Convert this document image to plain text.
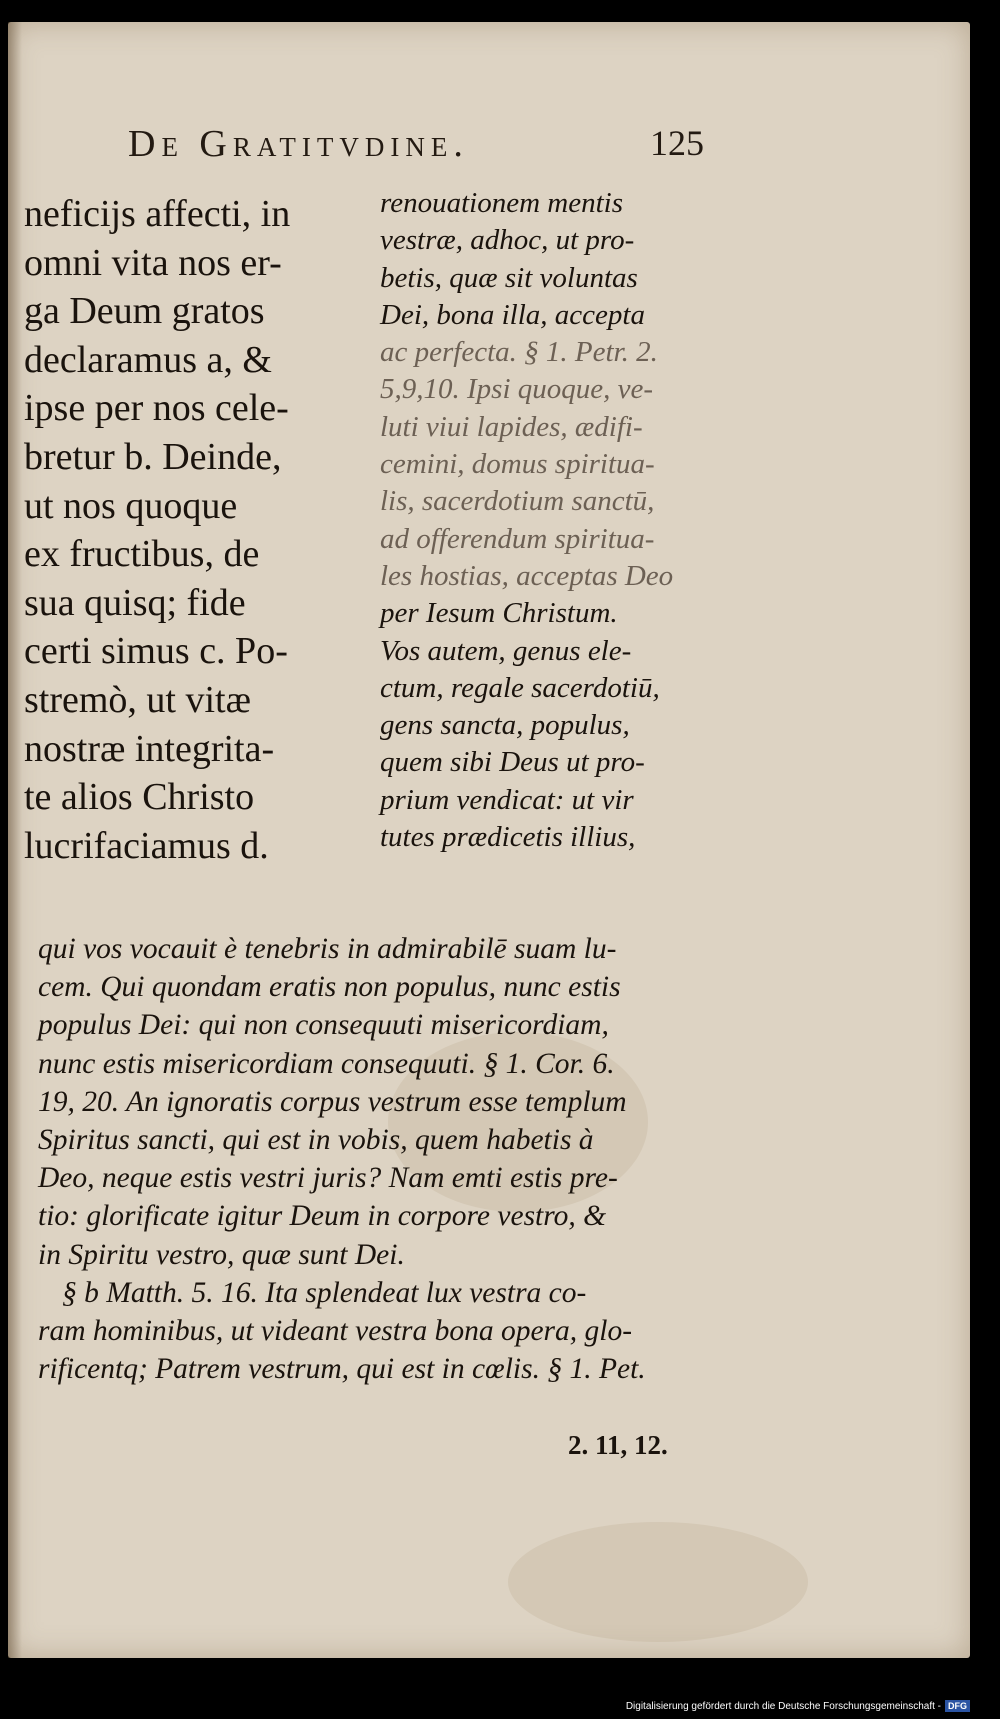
De Gratitvdine.	125
neficijs affecti, in
omni vita nos er-
ga Deum gratos
declaramus a, &
ipse per nos cele-
bretur b. Deinde,
ut nos quoque
ex fructibus, de
sua quisq; fide
certi simus c. Po-
stremò, ut vitæ
nostræ integrita-
te alios Christo
lucrifaciamus d.
renouationem mentis
vestræ, adhoc, ut pro-
betis, quæ sit voluntas
Dei, bona illa, accepta
ac perfecta. § 1. Petr. 2.
5,9,10. Ipsi quoque, ve-
luti viui lapides, ædifi-
cemini, domus spiritua-
lis, sacerdotium sanctū,
ad offerendum spiritua-
les hostias, acceptas Deo
per Iesum Christum.
Vos autem, genus ele-
ctum, regale sacerdotiū,
gens sancta, populus,
quem sibi Deus ut pro-
prium vendicat: ut vir
tutes prædicetis illius,
qui vos vocauit è tenebris in admirabilē suam lu-
cem. Qui quondam eratis non populus, nunc estis
populus Dei: qui non consequuti misericordiam,
nunc estis misericordiam consequuti. § 1. Cor. 6.
19, 20. An ignoratis corpus vestrum esse templum
Spiritus sancti, qui est in vobis, quem habetis à
Deo, neque estis vestri juris? Nam emti estis pre-
tio: glorificate igitur Deum in corpore vestro, &
in Spiritu vestro, quæ sunt Dei.
§ b Matth. 5. 16. Ita splendeat lux vestra co-
ram hominibus, ut videant vestra bona opera, glo-
rificentq; Patrem vestrum, qui est in cœlis. § 1. Pet.
2. 11, 12.
Digitalisierung gefördert durch die Deutsche Forschungsgemeinschaft - DFG
